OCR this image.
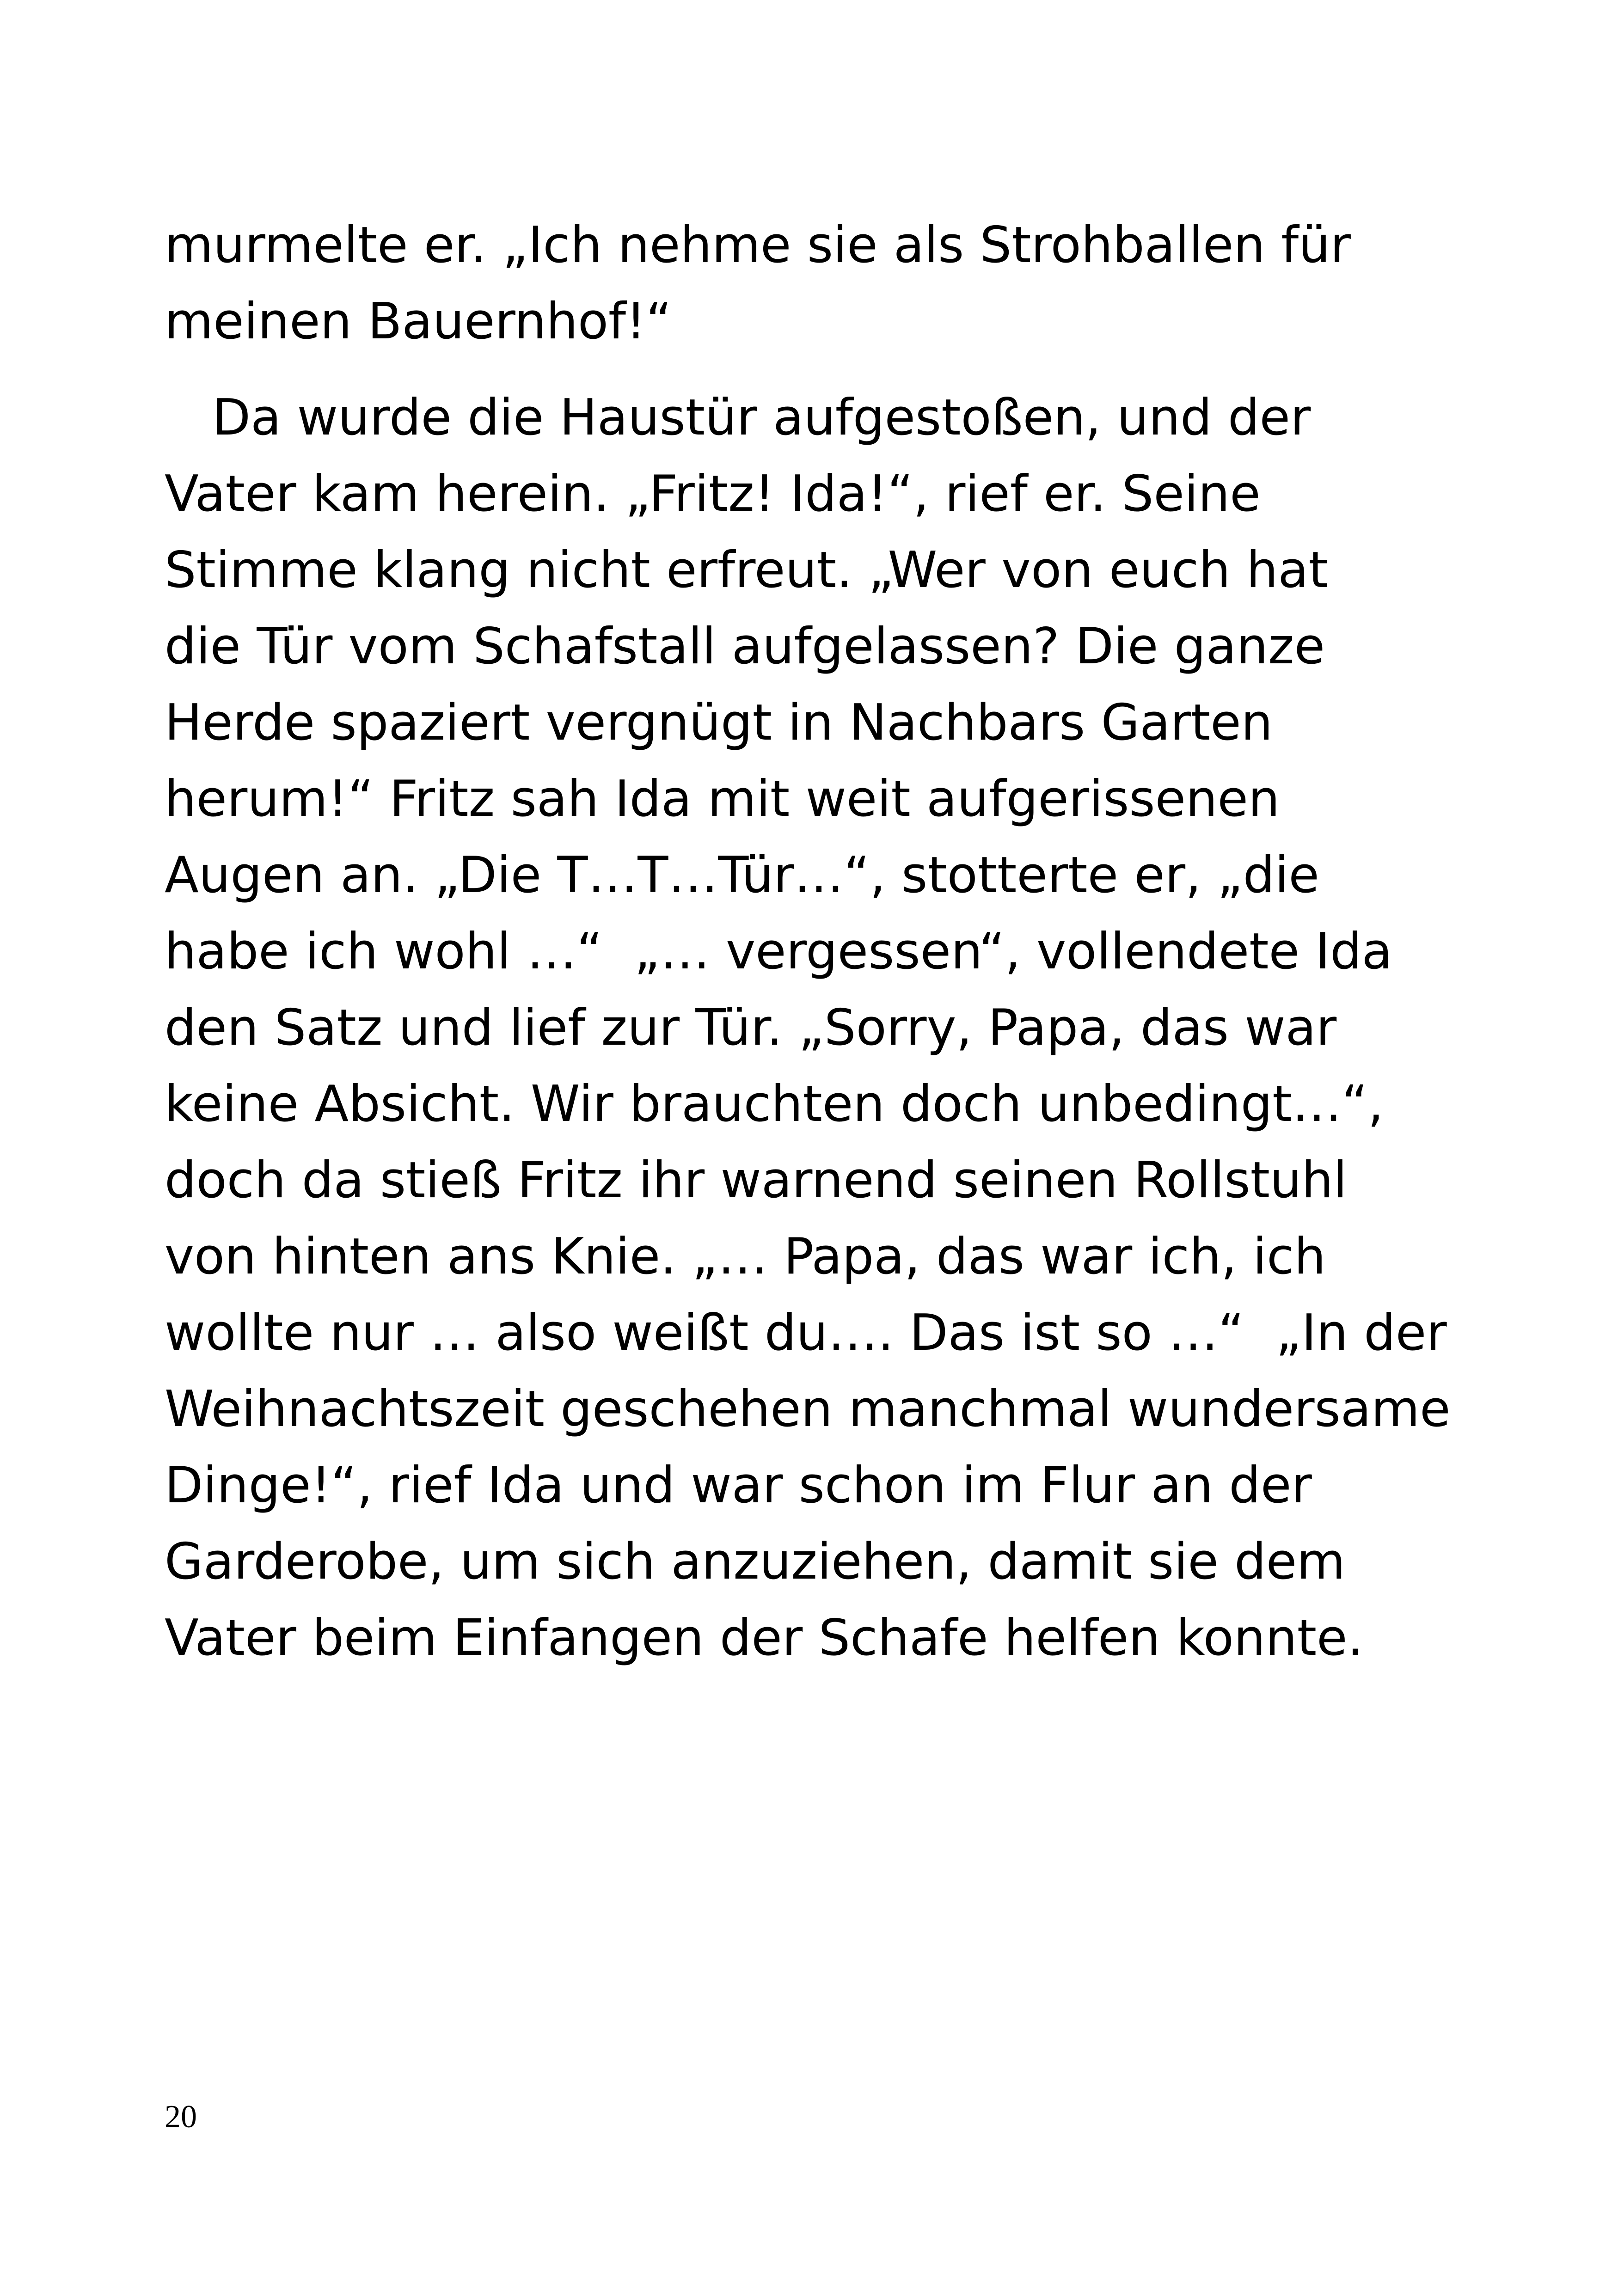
murmelte er. „Ich nehme sie als Strohballen für
meinen Bauernhof!“
Da wurde die Haustür aufgestoßen, und der
Vater kam herein. „Fritz! Ida!“, rief er. Seine
Stimme klang nicht erfreut. „Wer von euch hat
die Tür vom Schafstall aufgelassen? Die ganze
Herde spaziert vergnügt in Nachbars Garten
herum!“ Fritz sah Ida mit weit aufgerissenen
Augen an. „Die T…T…Tür…“, stotterte er, „die
habe ich wohl …“  „… vergessen“, vollendete Ida
den Satz und lief zur Tür. „Sorry, Papa, das war
keine Absicht. Wir brauchten doch unbedingt…“,
doch da stieß Fritz ihr warnend seinen Rollstuhl
von hinten ans Knie. „… Papa, das war ich, ich
wollte nur … also weißt du…. Das ist so …“  „In der
Weihnachtszeit geschehen manchmal wundersame
Dinge!“, rief Ida und war schon im Flur an der
Garderobe, um sich anzuziehen, damit sie dem
Vater beim Einfangen der Schafe helfen konnte.
20
